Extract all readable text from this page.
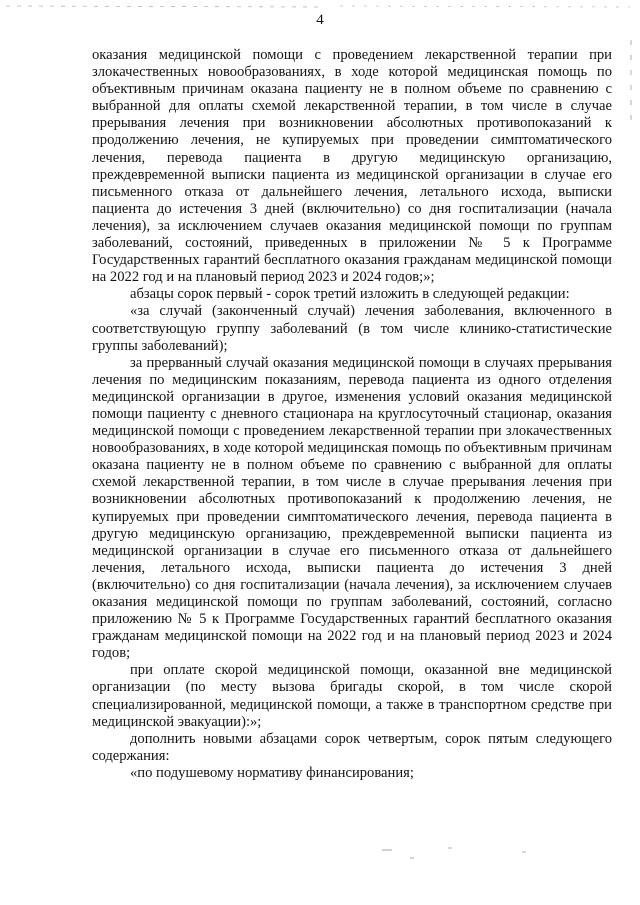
4

оказания медицинской помощи с проведением лекарственной терапии при злокачественных новообразованиях, в ходе которой медицинская помощь по объективным причинам оказана пациенту не в полном объеме по сравнению с выбранной для оплаты схемой лекарственной терапии, в том числе в случае прерывания лечения при возникновении абсолютных противопоказаний к продолжению лечения, не купируемых при проведении симптоматического лечения, перевода пациента в другую медицинскую организацию, преждевременной выписки пациента из медицинской организации в случае его письменного отказа от дальнейшего лечения, летального исхода, выписки пациента до истечения 3 дней (включительно) со дня госпитализации (начала лечения), за исключением случаев оказания медицинской помощи по группам заболеваний, состояний, приведенных в приложении № 5 к Программе Государственных гарантий бесплатного оказания гражданам медицинской помощи на 2022 год и на плановый период 2023 и 2024 годов;»;

абзацы сорок первый - сорок третий изложить в следующей редакции:

«за случай (законченный случай) лечения заболевания, включенного в соответствующую группу заболеваний (в том числе клинико-статистические группы заболеваний);

за прерванный случай оказания медицинской помощи в случаях прерывания лечения по медицинским показаниям, перевода пациента из одного отделения медицинской организации в другое, изменения условий оказания медицинской помощи пациенту с дневного стационара на круглосуточный стационар, оказания медицинской помощи с проведением лекарственной терапии при злокачественных новообразованиях, в ходе которой медицинская помощь по объективным причинам оказана пациенту не в полном объеме по сравнению с выбранной для оплаты схемой лекарственной терапии, в том числе в случае прерывания лечения при возникновении абсолютных противопоказаний к продолжению лечения, не купируемых при проведении симптоматического лечения, перевода пациента в другую медицинскую организацию, преждевременной выписки пациента из медицинской организации в случае его письменного отказа от дальнейшего лечения, летального исхода, выписки пациента до истечения 3 дней (включительно) со дня госпитализации (начала лечения), за исключением случаев оказания медицинской помощи по группам заболеваний, состояний, согласно приложению № 5 к Программе Государственных гарантий бесплатного оказания гражданам медицинской помощи на 2022 год и на плановый период 2023 и 2024 годов;

при оплате скорой медицинской помощи, оказанной вне медицинской организации (по месту вызова бригады скорой, в том числе скорой специализированной, медицинской помощи, а также в транспортном средстве при медицинской эвакуации):»;

дополнить новыми абзацами сорок четвертым, сорок пятым следующего содержания:

«по подушевому нормативу финансирования;
